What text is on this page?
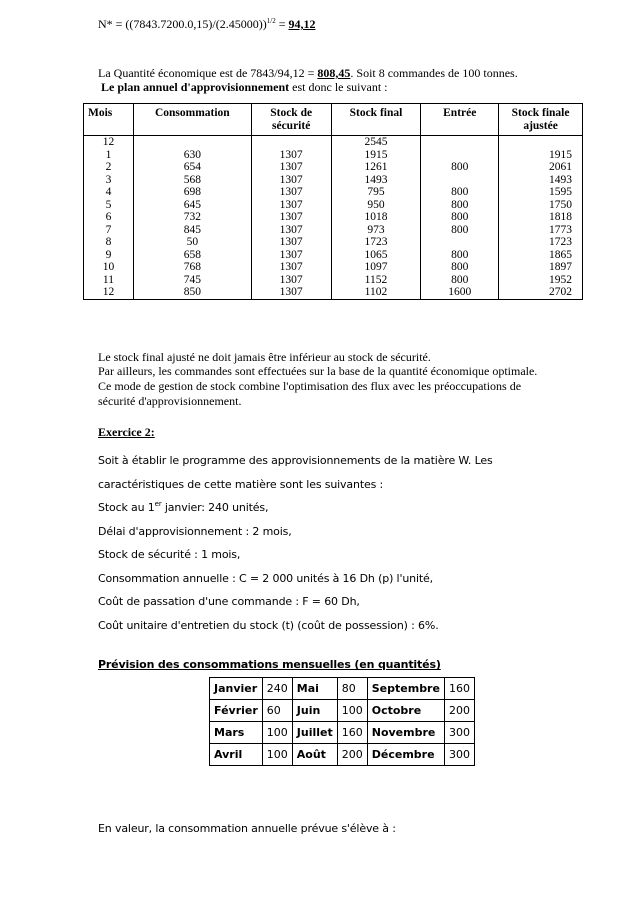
$N* = ((7843.7200.0,15)/(2.45000))^{1/2} = 94,12$
La Quantité économique est de 7843/94,12 = 808,45. Soit 8 commandes de 100 tonnes.
Le plan annuel d'approvisionnement est donc le suivant :
Mois	Consommation	Stock de sécurité	Stock final	Entrée	Stock finale ajustée
12			2545		
1	630	1307	1915		1915
2	654	1307	1261	800	2061
3	568	1307	1493		1493
4	698	1307	795	800	1595
5	645	1307	950	800	1750
6	732	1307	1018	800	1818
7	845	1307	973	800	1773
8	50	1307	1723		1723
9	658	1307	1065	800	1865
10	768	1307	1097	800	1897
11	745	1307	1152	800	1952
12	850	1307	1102	1600	2702
Le stock final ajusté ne doit jamais être inférieur au stock de sécurité.
Par ailleurs, les commandes sont effectuées sur la base de la quantité économique optimale.
Ce mode de gestion de stock combine l'optimisation des flux avec les préoccupations de
sécurité d'approvisionnement.
Exercice 2:
Soit à établir le programme des approvisionnements de la matière W. Les
caractéristiques de cette matière sont les suivantes :
Stock au 1er janvier: 240 unités,
Délai d'approvisionnement : 2 mois,
Stock de sécurité : 1 mois,
Consommation annuelle : C = 2 000 unités à 16 Dh (p) l'unité,
Coût de passation d'une commande : F = 60 Dh,
Coût unitaire d'entretien du stock (t) (coût de possession) : 6%.
Prévision des consommations mensuelles (en quantités)
Janvier	240	Mai	80	Septembre	160
Février	60	Juin	100	Octobre	200
Mars	100	Juillet	160	Novembre	300
Avril	100	Août	200	Décembre	300
En valeur, la consommation annuelle prévue s'élève à :
